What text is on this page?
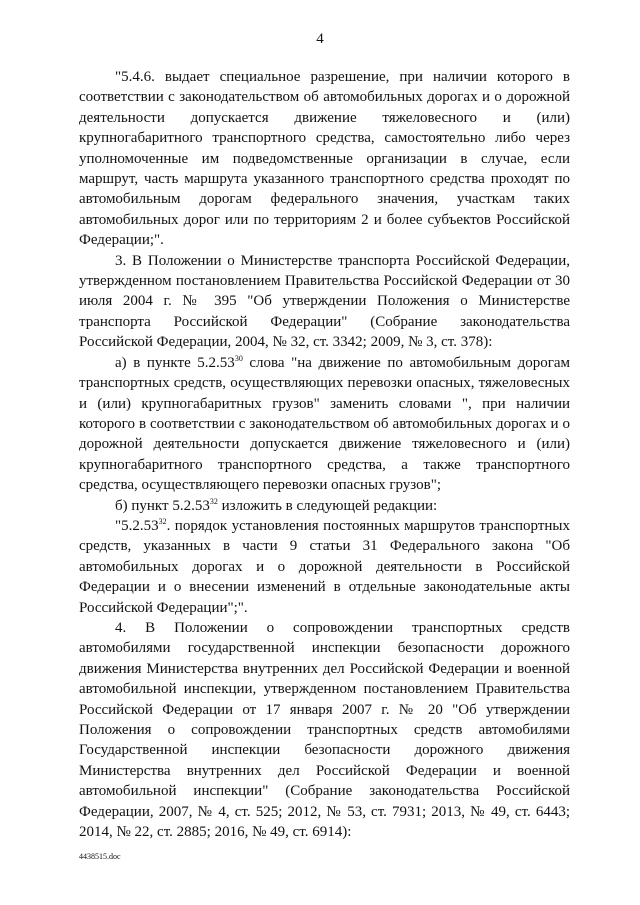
4

"5.4.6. выдает специальное разрешение, при наличии которого в соответствии с законодательством об автомобильных дорогах и о дорожной деятельности допускается движение тяжеловесного и (или) крупногабаритного транспортного средства, самостоятельно либо через уполномоченные им подведомственные организации в случае, если маршрут, часть маршрута указанного транспортного средства проходят по автомобильным дорогам федерального значения, участкам таких автомобильных дорог или по территориям 2 и более субъектов Российской Федерации;".

3. В Положении о Министерстве транспорта Российской Федерации, утвержденном постановлением Правительства Российской Федерации от 30 июля 2004 г. № 395 "Об утверждении Положения о Министерстве транспорта Российской Федерации" (Собрание законодательства Российской Федерации, 2004, № 32, ст. 3342; 2009, № 3, ст. 378):

а) в пункте 5.2.53$^{30}$ слова "на движение по автомобильным дорогам транспортных средств, осуществляющих перевозки опасных, тяжеловесных и (или) крупногабаритных грузов" заменить словами ", при наличии которого в соответствии с законодательством об автомобильных дорогах и о дорожной деятельности допускается движение тяжеловесного и (или) крупногабаритного транспортного средства, а также транспортного средства, осуществляющего перевозки опасных грузов";

б) пункт 5.2.53$^{32}$ изложить в следующей редакции:

"5.2.53$^{32}$. порядок установления постоянных маршрутов транспортных средств, указанных в части 9 статьи 31 Федерального закона "Об автомобильных дорогах и о дорожной деятельности в Российской Федерации и о внесении изменений в отдельные законодательные акты Российской Федерации";".

4. В Положении о сопровождении транспортных средств автомобилями государственной инспекции безопасности дорожного движения Министерства внутренних дел Российской Федерации и военной автомобильной инспекции, утвержденном постановлением Правительства Российской Федерации от 17 января 2007 г. № 20 "Об утверждении Положения о сопровождении транспортных средств автомобилями Государственной инспекции безопасности дорожного движения Министерства внутренних дел Российской Федерации и военной автомобильной инспекции" (Собрание законодательства Российской Федерации, 2007, № 4, ст. 525; 2012, № 53, ст. 7931; 2013, № 49, ст. 6443; 2014, № 22, ст. 2885; 2016, № 49, ст. 6914):

4438515.doc
